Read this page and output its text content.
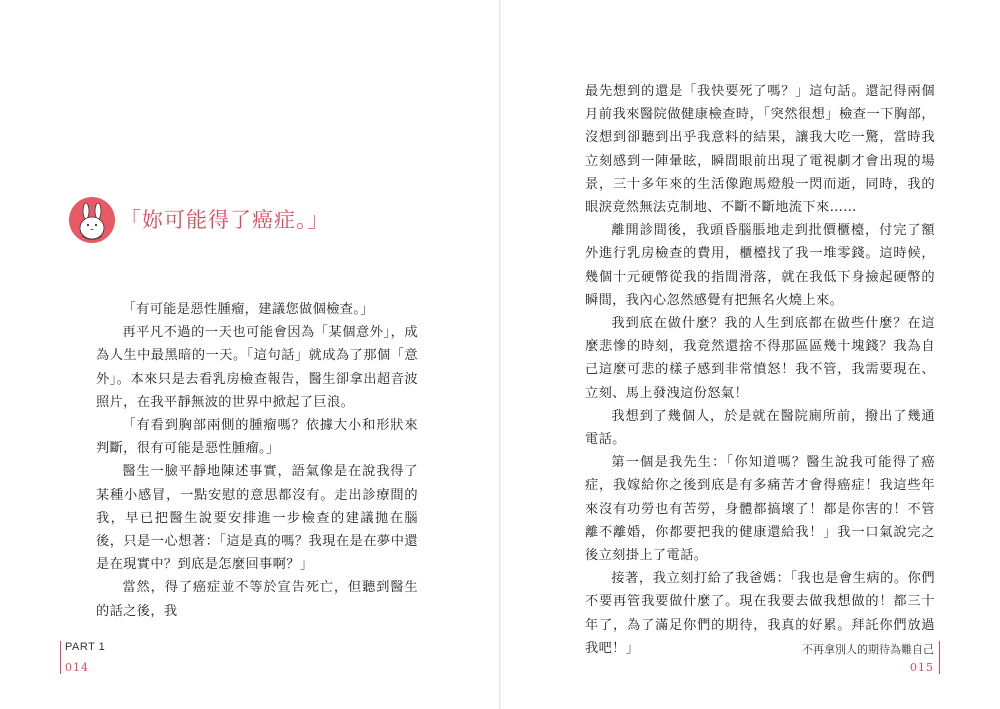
「妳可能得了癌症。」

「有可能是惡性腫瘤，建議您做個檢查。」

再平凡不過的一天也可能會因為「某個意外」，成為人生中最黑暗的一天。「這句話」就成為了那個「意外」。本來只是去看乳房檢查報告，醫生卻拿出超音波照片，在我平靜無波的世界中掀起了巨浪。

「有看到胸部兩側的腫瘤嗎？依據大小和形狀來判斷，很有可能是惡性腫瘤。」

醫生一臉平靜地陳述事實，語氣像是在說我得了某種小感冒，一點安慰的意思都沒有。走出診療間的我，早已把醫生說要安排進一步檢查的建議拋在腦後，只是一心想著：「這是真的嗎？我現在是在夢中還是在現實中？到底是怎麼回事啊？」

當然，得了癌症並不等於宣告死亡，但聽到醫生的話之後，我

PART 1
014

最先想到的還是「我快要死了嗎？」這句話。還記得兩個月前我來醫院做健康檢查時，「突然很想」檢查一下胸部，沒想到卻聽到出乎我意料的結果，讓我大吃一驚，當時我立刻感到一陣暈眩，瞬間眼前出現了電視劇才會出現的場景，三十多年來的生活像跑馬燈般一閃而逝，同時，我的眼淚竟然無法克制地、不斷不斷地流下來……

離開診間後，我頭昏腦脹地走到批價櫃檯，付完了額外進行乳房檢查的費用，櫃檯找了我一堆零錢。這時候，幾個十元硬幣從我的指間滑落，就在我低下身撿起硬幣的瞬間，我內心忽然感覺有把無名火燒上來。

我到底在做什麼？我的人生到底都在做些什麼？在這麼悲慘的時刻，我竟然還捨不得那區區幾十塊錢？我為自己這麼可悲的樣子感到非常憤怒！我不管，我需要現在、立刻、馬上發洩這份怒氣！

我想到了幾個人，於是就在醫院廁所前，撥出了幾通電話。

第一個是我先生：「你知道嗎？醫生說我可能得了癌症，我嫁給你之後到底是有多痛苦才會得癌症！我這些年來沒有功勞也有苦勞，身體都搞壞了！都是你害的！不管離不離婚，你都要把我的健康還給我！」我一口氣說完之後立刻掛上了電話。

接著，我立刻打給了我爸媽：「我也是會生病的。你們不要再管我要做什麼了。現在我要去做我想做的！都三十年了，為了滿足你們的期待，我真的好累。拜託你們放過我吧！」	不再拿別人的期待為難自己
015
